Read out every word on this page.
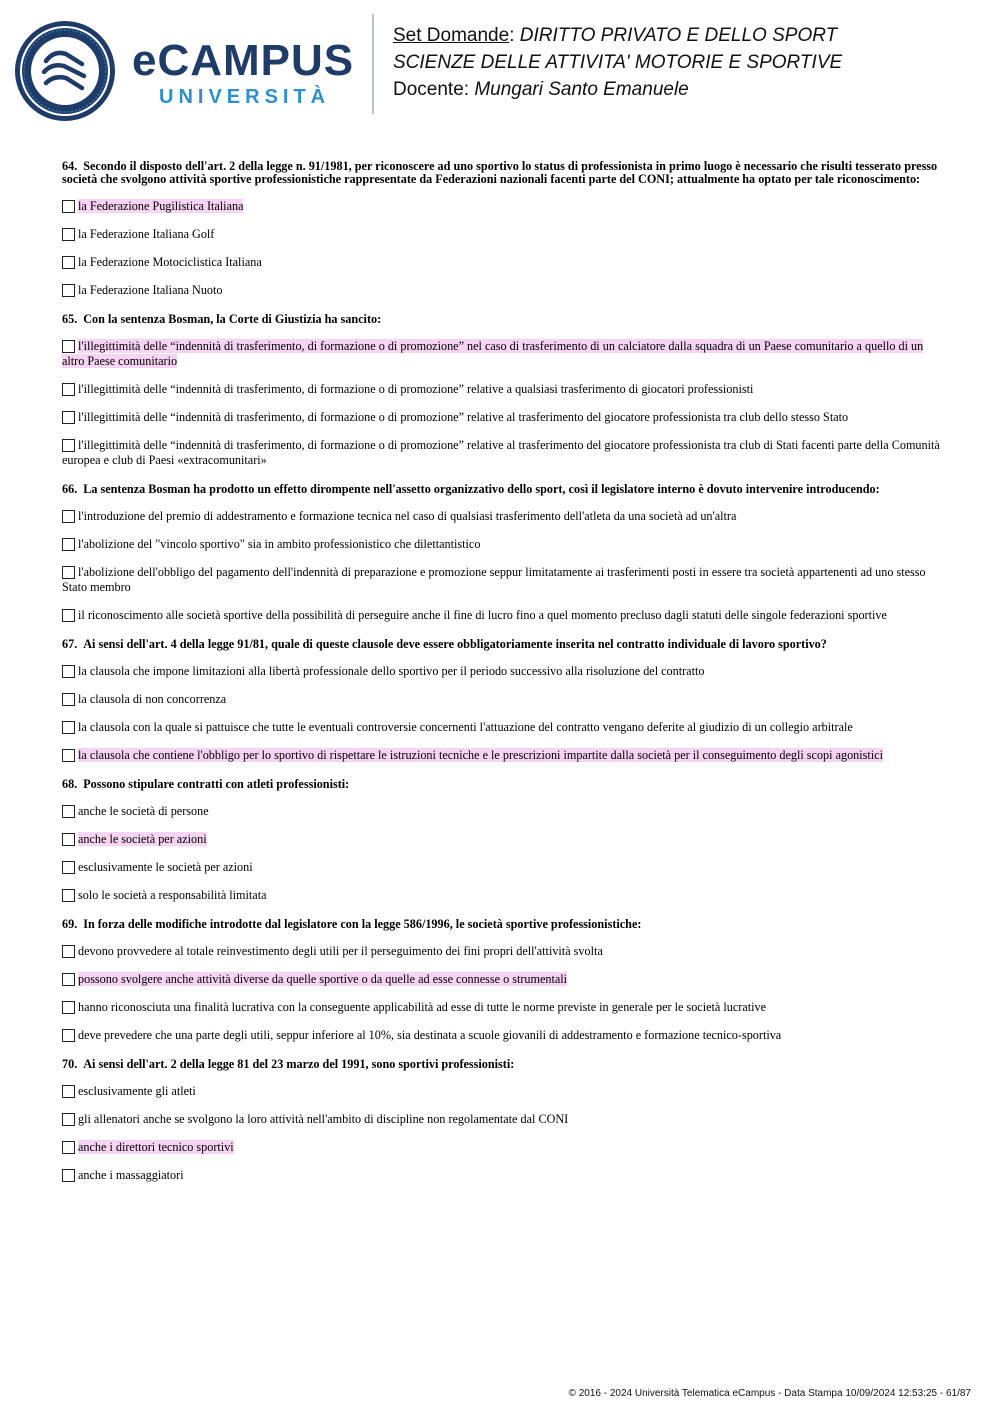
eCAMPUS
UNIVERSITÀ
Set Domande: DIRITTO PRIVATO E DELLO SPORT
SCIENZE DELLE ATTIVITA' MOTORIE E SPORTIVE
Docente: Mungari Santo Emanuele

64. Secondo il disposto dell'art. 2 della legge n. 91/1981, per riconoscere ad uno sportivo lo status di professionista in primo luogo è necessario che risulti tesserato presso società che svolgono attività sportive professionistiche rappresentate da Federazioni nazionali facenti parte del CONI; attualmente ha optato per tale riconoscimento:

la Federazione Pugilistica Italiana
la Federazione Italiana Golf
la Federazione Motociclistica Italiana
la Federazione Italiana Nuoto

65. Con la sentenza Bosman, la Corte di Giustizia ha sancito:

l'illegittimità delle “indennità di trasferimento, di formazione o di promozione” nel caso di trasferimento di un calciatore dalla squadra di un Paese comunitario a quello di un altro Paese comunitario
l'illegittimità delle “indennità di trasferimento, di formazione o di promozione” relative a qualsiasi trasferimento di giocatori professionisti
l'illegittimità delle “indennità di trasferimento, di formazione o di promozione” relative al trasferimento del giocatore professionista tra club dello stesso Stato
l'illegittimità delle “indennità di trasferimento, di formazione o di promozione” relative al trasferimento del giocatore professionista tra club di Stati facenti parte della Comunità europea e club di Paesi «extracomunitari»

66. La sentenza Bosman ha prodotto un effetto dirompente nell'assetto organizzativo dello sport, così il legislatore interno è dovuto intervenire introducendo:

l'introduzione del premio di addestramento e formazione tecnica nel caso di qualsiasi trasferimento dell'atleta da una società ad un'altra
l'abolizione del "vincolo sportivo" sia in ambito professionistico che dilettantistico
l'abolizione dell'obbligo del pagamento dell'indennità di preparazione e promozione seppur limitatamente ai trasferimenti posti in essere tra società appartenenti ad uno stesso Stato membro
il riconoscimento alle società sportive della possibilità di perseguire anche il fine di lucro fino a quel momento precluso dagli statuti delle singole federazioni sportive

67. Ai sensi dell'art. 4 della legge 91/81, quale di queste clausole deve essere obbligatoriamente inserita nel contratto individuale di lavoro sportivo?

la clausola che impone limitazioni alla libertà professionale dello sportivo per il periodo successivo alla risoluzione del contratto
la clausola di non concorrenza
la clausola con la quale si pattuisce che tutte le eventuali controversie concernenti l'attuazione del contratto vengano deferite al giudizio di un collegio arbitrale
la clausola che contiene l'obbligo per lo sportivo di rispettare le istruzioni tecniche e le prescrizioni impartite dalla società per il conseguimento degli scopi agonistici

68. Possono stipulare contratti con atleti professionisti:

anche le società di persone
anche le società per azioni
esclusivamente le società per azioni
solo le società a responsabilità limitata

69. In forza delle modifiche introdotte dal legislatore con la legge 586/1996, le società sportive professionistiche:

devono provvedere al totale reinvestimento degli utili per il perseguimento dei fini propri dell'attività svolta
possono svolgere anche attività diverse da quelle sportive o da quelle ad esse connesse o strumentali
hanno riconosciuta una finalità lucrativa con la conseguente applicabilità ad esse di tutte le norme previste in generale per le società lucrative
deve prevedere che una parte degli utili, seppur inferiore al 10%, sia destinata a scuole giovanili di addestramento e formazione tecnico-sportiva

70. Ai sensi dell'art. 2 della legge 81 del 23 marzo del 1991, sono sportivi professionisti:

esclusivamente gli atleti
gli allenatori anche se svolgono la loro attività nell'ambito di discipline non regolamentate dal CONI
anche i direttori tecnico sportivi
anche i massaggiatori
© 2016 - 2024 Università Telematica eCampus - Data Stampa 10/09/2024 12:53:25 - 61/87
